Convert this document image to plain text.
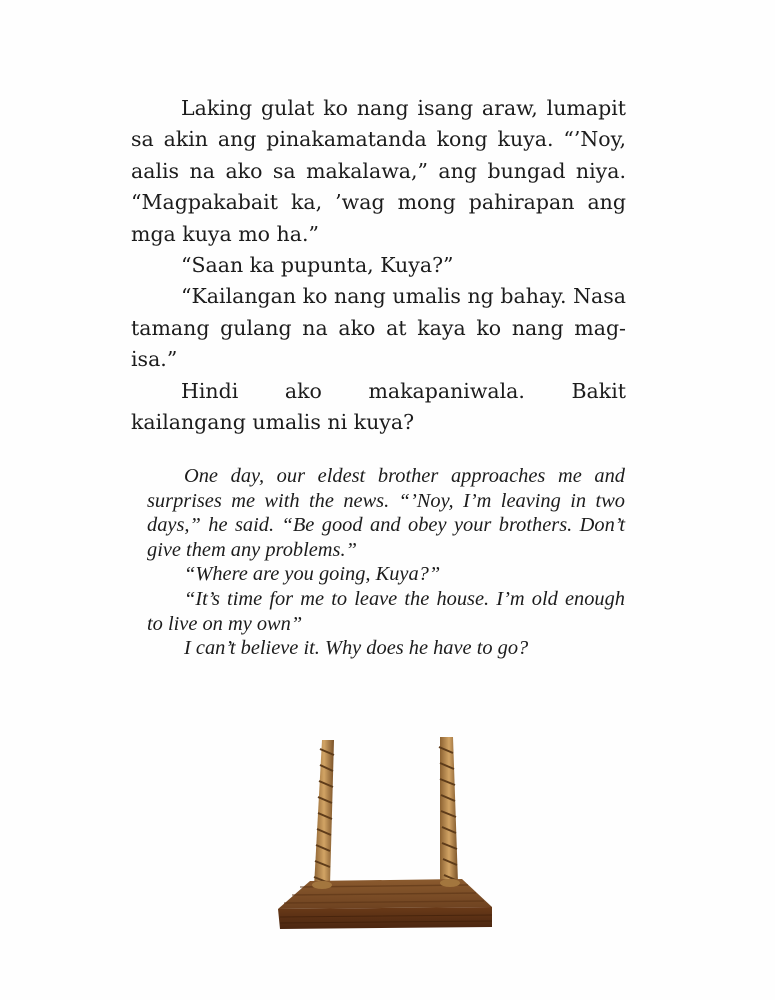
Laking gulat ko nang isang araw, lumapit sa akin ang pinakamatanda kong kuya. “’Noy, aalis na ako sa makalawa,” ang bungad niya. “Magpakabait ka, ’wag mong pahirapan ang mga kuya mo ha.”

“Saan ka pupunta, Kuya?”

“Kailangan ko nang umalis ng bahay. Nasa tamang gulang na ako at kaya ko nang mag-isa.”

Hindi ako makapaniwala. Bakit kailangang umalis ni kuya?

One day, our eldest brother approaches me and surprises me with the news. “’Noy, I’m leaving in two days,” he said. “Be good and obey your brothers. Don’t give them any problems.”

“Where are you going, Kuya?”

“It’s time for me to leave the house. I’m old enough to live on my own”

I can’t believe it. Why does he have to go?
